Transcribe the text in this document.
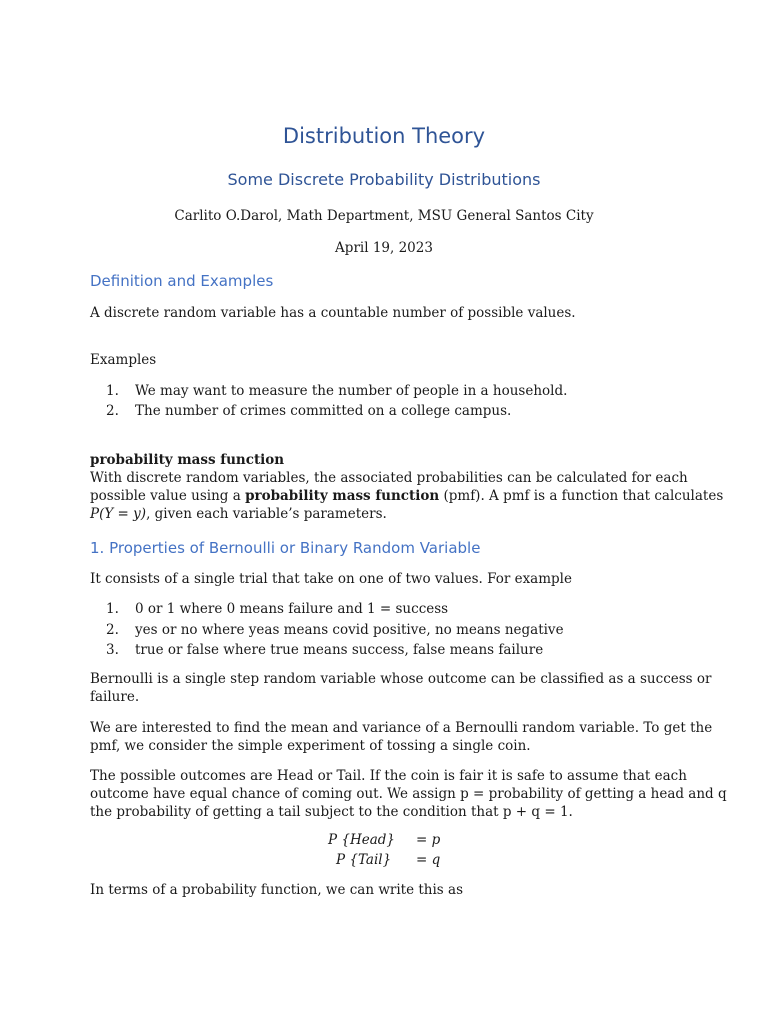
Distribution Theory
Some Discrete Probability Distributions
Carlito O.Darol, Math Department, MSU General Santos City
April 19, 2023
Definition and Examples
A discrete random variable has a countable number of possible values.
Examples
1. We may want to measure the number of people in a household.
2. The number of crimes committed on a college campus.
probability mass function
With discrete random variables, the associated probabilities can be calculated for each
possible value using a probability mass function (pmf). A pmf is a function that calculates
P(Y = y), given each variable’s parameters.
1. Properties of Bernoulli or Binary Random Variable
It consists of a single trial that take on one of two values. For example
1. 0 or 1 where 0 means failure and 1 = success
2. yes or no where yeas means covid positive, no means negative
3. true or false where true means success, false means failure
Bernoulli is a single step random variable whose outcome can be classified as a success or
failure.
We are interested to find the mean and variance of a Bernoulli random variable. To get the
pmf, we consider the simple experiment of tossing a single coin.
The possible outcomes are Head or Tail. If the coin is fair it is safe to assume that each
outcome have equal chance of coming out. We assign p = probability of getting a head and q
the probability of getting a tail subject to the condition that p + q = 1.
P {Head} = p
P {Tail} = q
In terms of a probability function, we can write this as
